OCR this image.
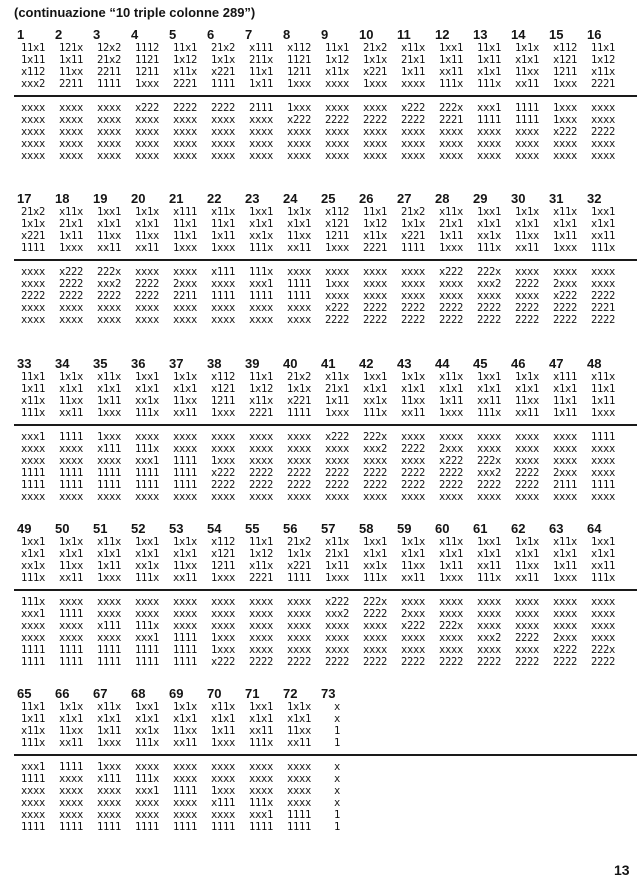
(continuazione “10 triple colonne 289”)
1
11x1
1x11
x112
xxx2
xxxx
xxxx
xxxx
xxxx
xxxx
2
121x
1x11
11xx
2211
xxxx
xxxx
xxxx
xxxx
xxxx
3
12x2
21x2
2211
1111
xxxx
xxxx
xxxx
xxxx
xxxx
4
1112
1121
1211
1xxx
x222
xxxx
xxxx
xxxx
xxxx
5
11x1
1x12
x11x
2221
2222
xxxx
xxxx
xxxx
xxxx
6
21x2
1x1x
x221
1111
2222
xxxx
xxxx
xxxx
xxxx
7
x111
211x
11x1
1x11
2111
xxxx
xxxx
xxxx
xxxx
8
x112
1121
1211
1xxx
1xxx
x222
xxxx
xxxx
xxxx
9
11x1
1x12
x11x
xxxx
xxxx
2222
xxxx
xxxx
xxxx
10
21x2
1x1x
x221
1xxx
xxxx
2222
xxxx
xxxx
xxxx
11
x11x
21x1
1x11
xxxx
x222
2222
xxxx
xxxx
xxxx
12
1xx1
1x11
xx11
111x
222x
2221
xxxx
xxxx
xxxx
13
11x1
1x11
x1x1
111x
xxx1
1111
xxxx
xxxx
xxxx
14
1x1x
x1x1
11xx
xx11
1111
1111
xxxx
xxxx
xxxx
15
x112
x121
1211
1xxx
1xxx
1xxx
x222
xxxx
xxxx
16
11x1
1x12
x11x
2221
xxxx
xxxx
2222
xxxx
xxxx
17
21x2
1x1x
x221
1111
xxxx
xxxx
2222
xxxx
xxxx
18
x11x
21x1
1x11
1xxx
x222
2222
2222
xxxx
xxxx
19
1xx1
x1x1
11xx
xx11
222x
xxx2
2222
xxxx
xxxx
20
1x1x
x1x1
11xx
xx11
xxxx
2222
2222
xxxx
xxxx
21
x111
11x1
11x1
1xxx
xxxx
2xxx
2211
xxxx
xxxx
22
x11x
11x1
1x11
1xxx
x111
xxxx
1111
xxxx
xxxx
23
1xx1
x1x1
xx1x
111x
111x
xxx1
1111
xxxx
xxxx
24
1x1x
x1x1
11xx
xx11
xxxx
1111
1111
xxxx
xxxx
25
x112
x121
1211
1xxx
xxxx
1xxx
xxxx
x222
2222
26
11x1
1x12
x11x
2221
xxxx
xxxx
xxxx
2222
2222
27
21x2
1x1x
x221
1111
xxxx
xxxx
xxxx
2222
2222
28
x11x
21x1
1x11
1xxx
x222
xxxx
xxxx
2222
2222
29
1xx1
x1x1
xx1x
111x
222x
xxx2
xxxx
2222
2222
30
1x1x
x1x1
11xx
xx11
xxxx
2222
xxxx
2222
2222
31
x11x
x1x1
1x11
1xxx
xxxx
2xxx
x222
2222
2222
32
1xx1
x1x1
xx11
111x
xxxx
xxxx
2222
2221
2222
33
11x1
1x11
x11x
111x
xxx1
xxxx
xxxx
1111
1111
xxxx
34
1x1x
x1x1
11xx
xx11
1111
xxxx
xxxx
1111
1111
xxxx
35
x11x
x1x1
1x11
1xxx
1xxx
x111
xxxx
1111
1111
xxxx
36
1xx1
x1x1
xx1x
111x
xxxx
111x
xxx1
1111
1111
xxxx
37
1x1x
x1x1
11xx
xx11
xxxx
xxxx
1111
1111
1111
xxxx
38
x112
x121
1211
1xxx
xxxx
xxxx
1xxx
x222
2222
xxxx
39
11x1
1x12
x11x
2221
xxxx
xxxx
xxxx
2222
2222
xxxx
40
21x2
1x1x
x221
1111
xxxx
xxxx
xxxx
2222
2222
xxxx
41
x11x
21x1
1x11
1xxx
x222
xxxx
xxxx
2222
2222
xxxx
42
1xx1
x1x1
xx1x
111x
222x
xxx2
xxxx
2222
2222
xxxx
43
1x1x
x1x1
11xx
xx11
xxxx
2222
xxxx
2222
2222
xxxx
44
x11x
x1x1
1x11
1xxx
xxxx
2xxx
x222
2222
2222
xxxx
45
1xx1
x1x1
xx11
111x
xxxx
xxxx
222x
xxx2
2222
xxxx
46
1x1x
x1x1
11xx
xx11
xxxx
xxxx
xxxx
2222
2222
xxxx
47
x111
x1x1
11x1
1x11
xxxx
xxxx
xxxx
2xxx
2111
xxxx
48
x11x
11x1
1x11
1xxx
1111
xxxx
xxxx
xxxx
1111
xxxx
49
1xx1
x1x1
xx1x
111x
111x
xxx1
xxxx
xxxx
1111
1111
50
1x1x
x1x1
11xx
xx11
xxxx
1111
xxxx
xxxx
1111
1111
51
x11x
x1x1
1x11
1xxx
xxxx
xxxx
x111
xxxx
1111
1111
52
1xx1
x1x1
xx1x
111x
xxxx
xxxx
111x
xxx1
1111
1111
53
1x1x
x1x1
11xx
xx11
xxxx
xxxx
xxxx
1111
1111
1111
54
x112
x121
1211
1xxx
xxxx
xxxx
xxxx
1xxx
1xxx
x222
55
11x1
1x12
x11x
2221
xxxx
xxxx
xxxx
xxxx
xxxx
2222
56
21x2
1x1x
x221
1111
xxxx
xxxx
xxxx
xxxx
xxxx
2222
57
x11x
21x1
1x11
1xxx
x222
xxx2
xxxx
xxxx
xxxx
2222
58
1xx1
x1x1
xx1x
111x
222x
2222
xxxx
xxxx
xxxx
2222
59
1x1x
x1x1
11xx
xx11
xxxx
2xxx
x222
xxxx
xxxx
2222
60
x11x
x1x1
1x11
1xxx
xxxx
xxxx
222x
xxxx
xxxx
2222
61
1xx1
x1x1
xx11
111x
xxxx
xxxx
xxxx
xxx2
xxxx
2222
62
1x1x
x1x1
11xx
xx11
xxxx
xxxx
xxxx
2222
xxxx
2222
63
x11x
x1x1
1x11
1xxx
xxxx
xxxx
xxxx
2xxx
x222
2222
64
1xx1
x1x1
xx11
111x
xxxx
xxxx
xxxx
xxxx
222x
2222
65
11x1
1x11
x11x
111x
xxx1
1111
xxxx
xxxx
xxxx
1111
66
1x1x
x1x1
11xx
xx11
1111
xxxx
xxxx
xxxx
xxxx
1111
67
x11x
x1x1
1x11
1xxx
1xxx
x111
xxxx
xxxx
xxxx
1111
68
1xx1
x1x1
xx1x
111x
xxxx
111x
xxx1
xxxx
xxxx
1111
69
1x1x
x1x1
11xx
xx11
xxxx
xxxx
1111
xxxx
xxxx
1111
70
x11x
x1x1
1x11
1xxx
xxxx
xxxx
1xxx
x111
xxxx
1111
71
1xx1
x1x1
xx11
111x
xxxx
xxxx
xxxx
111x
xxx1
1111
72
1x1x
x1x1
11xx
xx11
xxxx
xxxx
xxxx
xxxx
1111
1111
73
x
x
1
1
x
x
x
x
1
1
13
